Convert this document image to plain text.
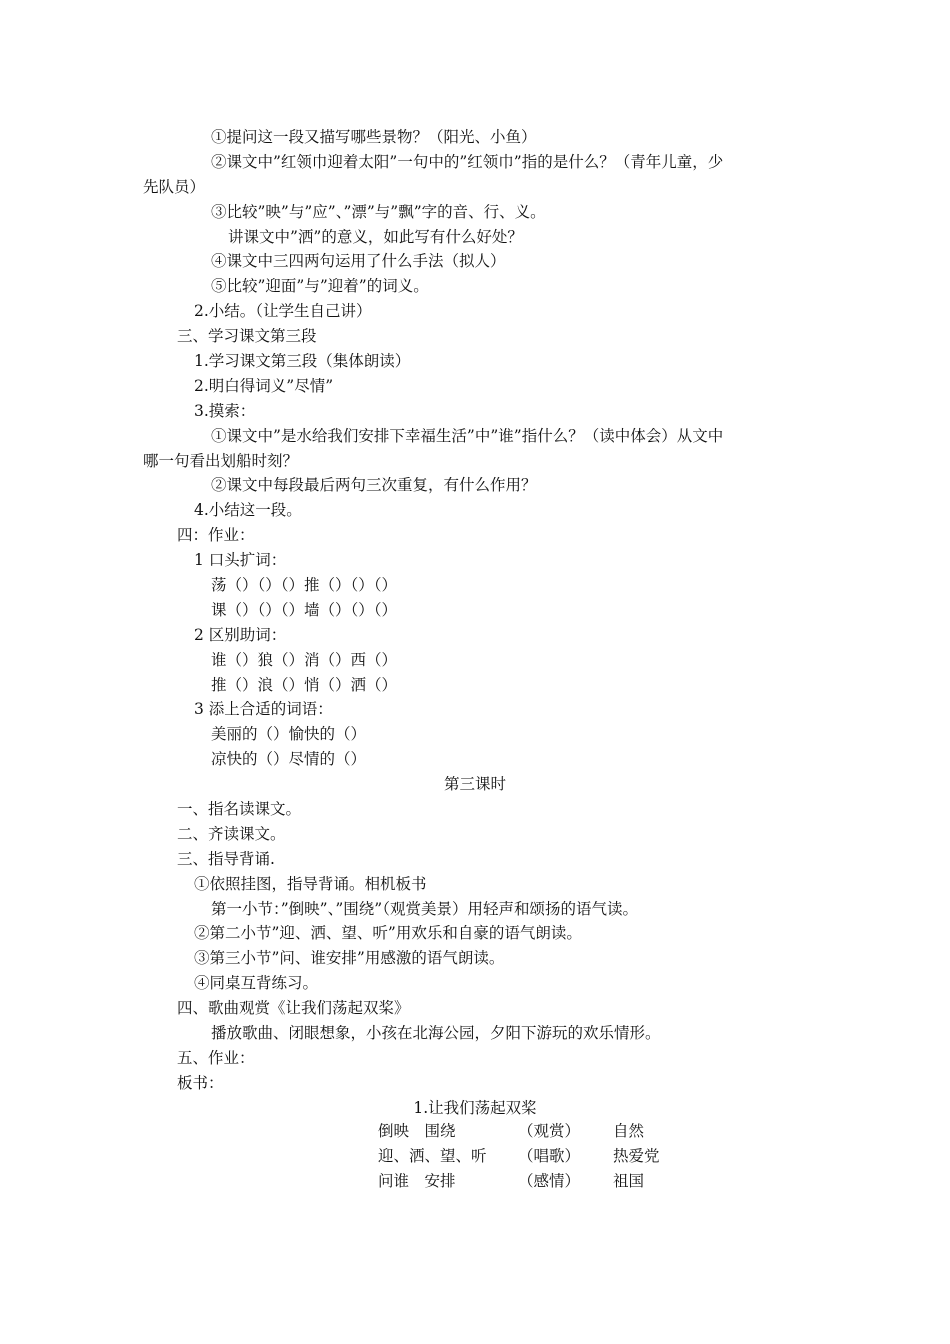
①提问这一段又描写哪些景物？（阳光、小鱼）
②课文中”红领巾迎着太阳”一句中的”红领巾”指的是什么？（青年儿童，少
先队员）
③比较”映”与”应”、”漂”与”飘”字的音、行、义。
讲课文中”洒”的意义，如此写有什么好处？
④课文中三四两句运用了什么手法（拟人）
⑤比较”迎面”与”迎着”的词义。
2.小结。（让学生自己讲）
三、学习课文第三段
1.学习课文第三段（集体朗读）
2.明白得词义”尽情”
3.摸索：
①课文中”是水给我们安排下幸福生活”中”谁”指什么？（读中体会）从文中
哪一句看出划船时刻？
②课文中每段最后两句三次重复，有什么作用？
4.小结这一段。
四：作业：
1 口头扩词：
荡（）（）（）推（）（）（）
课（）（）（）墙（）（）（）
2 区别助词：
谁（）狼（）消（）西（）
推（）浪（）悄（）洒（）
3 添上合适的词语：
美丽的（）愉快的（）
凉快的（）尽情的（）
第三课时
一、指名读课文。
二、齐读课文。
三、指导背诵.
①依照挂图，指导背诵。相机板书
第一小节：”倒映”、”围绕”（观赏美景）用轻声和颂扬的语气读。
②第二小节”迎、洒、望、听”用欢乐和自豪的语气朗读。
③第三小节”问、谁安排”用感激的语气朗读。
④同桌互背练习。
四、歌曲观赏《让我们荡起双桨》
播放歌曲、闭眼想象，小孩在北海公园，夕阳下游玩的欢乐情形。
五、作业：
板书：
1.让我们荡起双桨
倒映　围绕	（观赏） 自然
迎、洒、望、听 （唱歌） 热爱党
问谁　安排	（感情） 祖国
